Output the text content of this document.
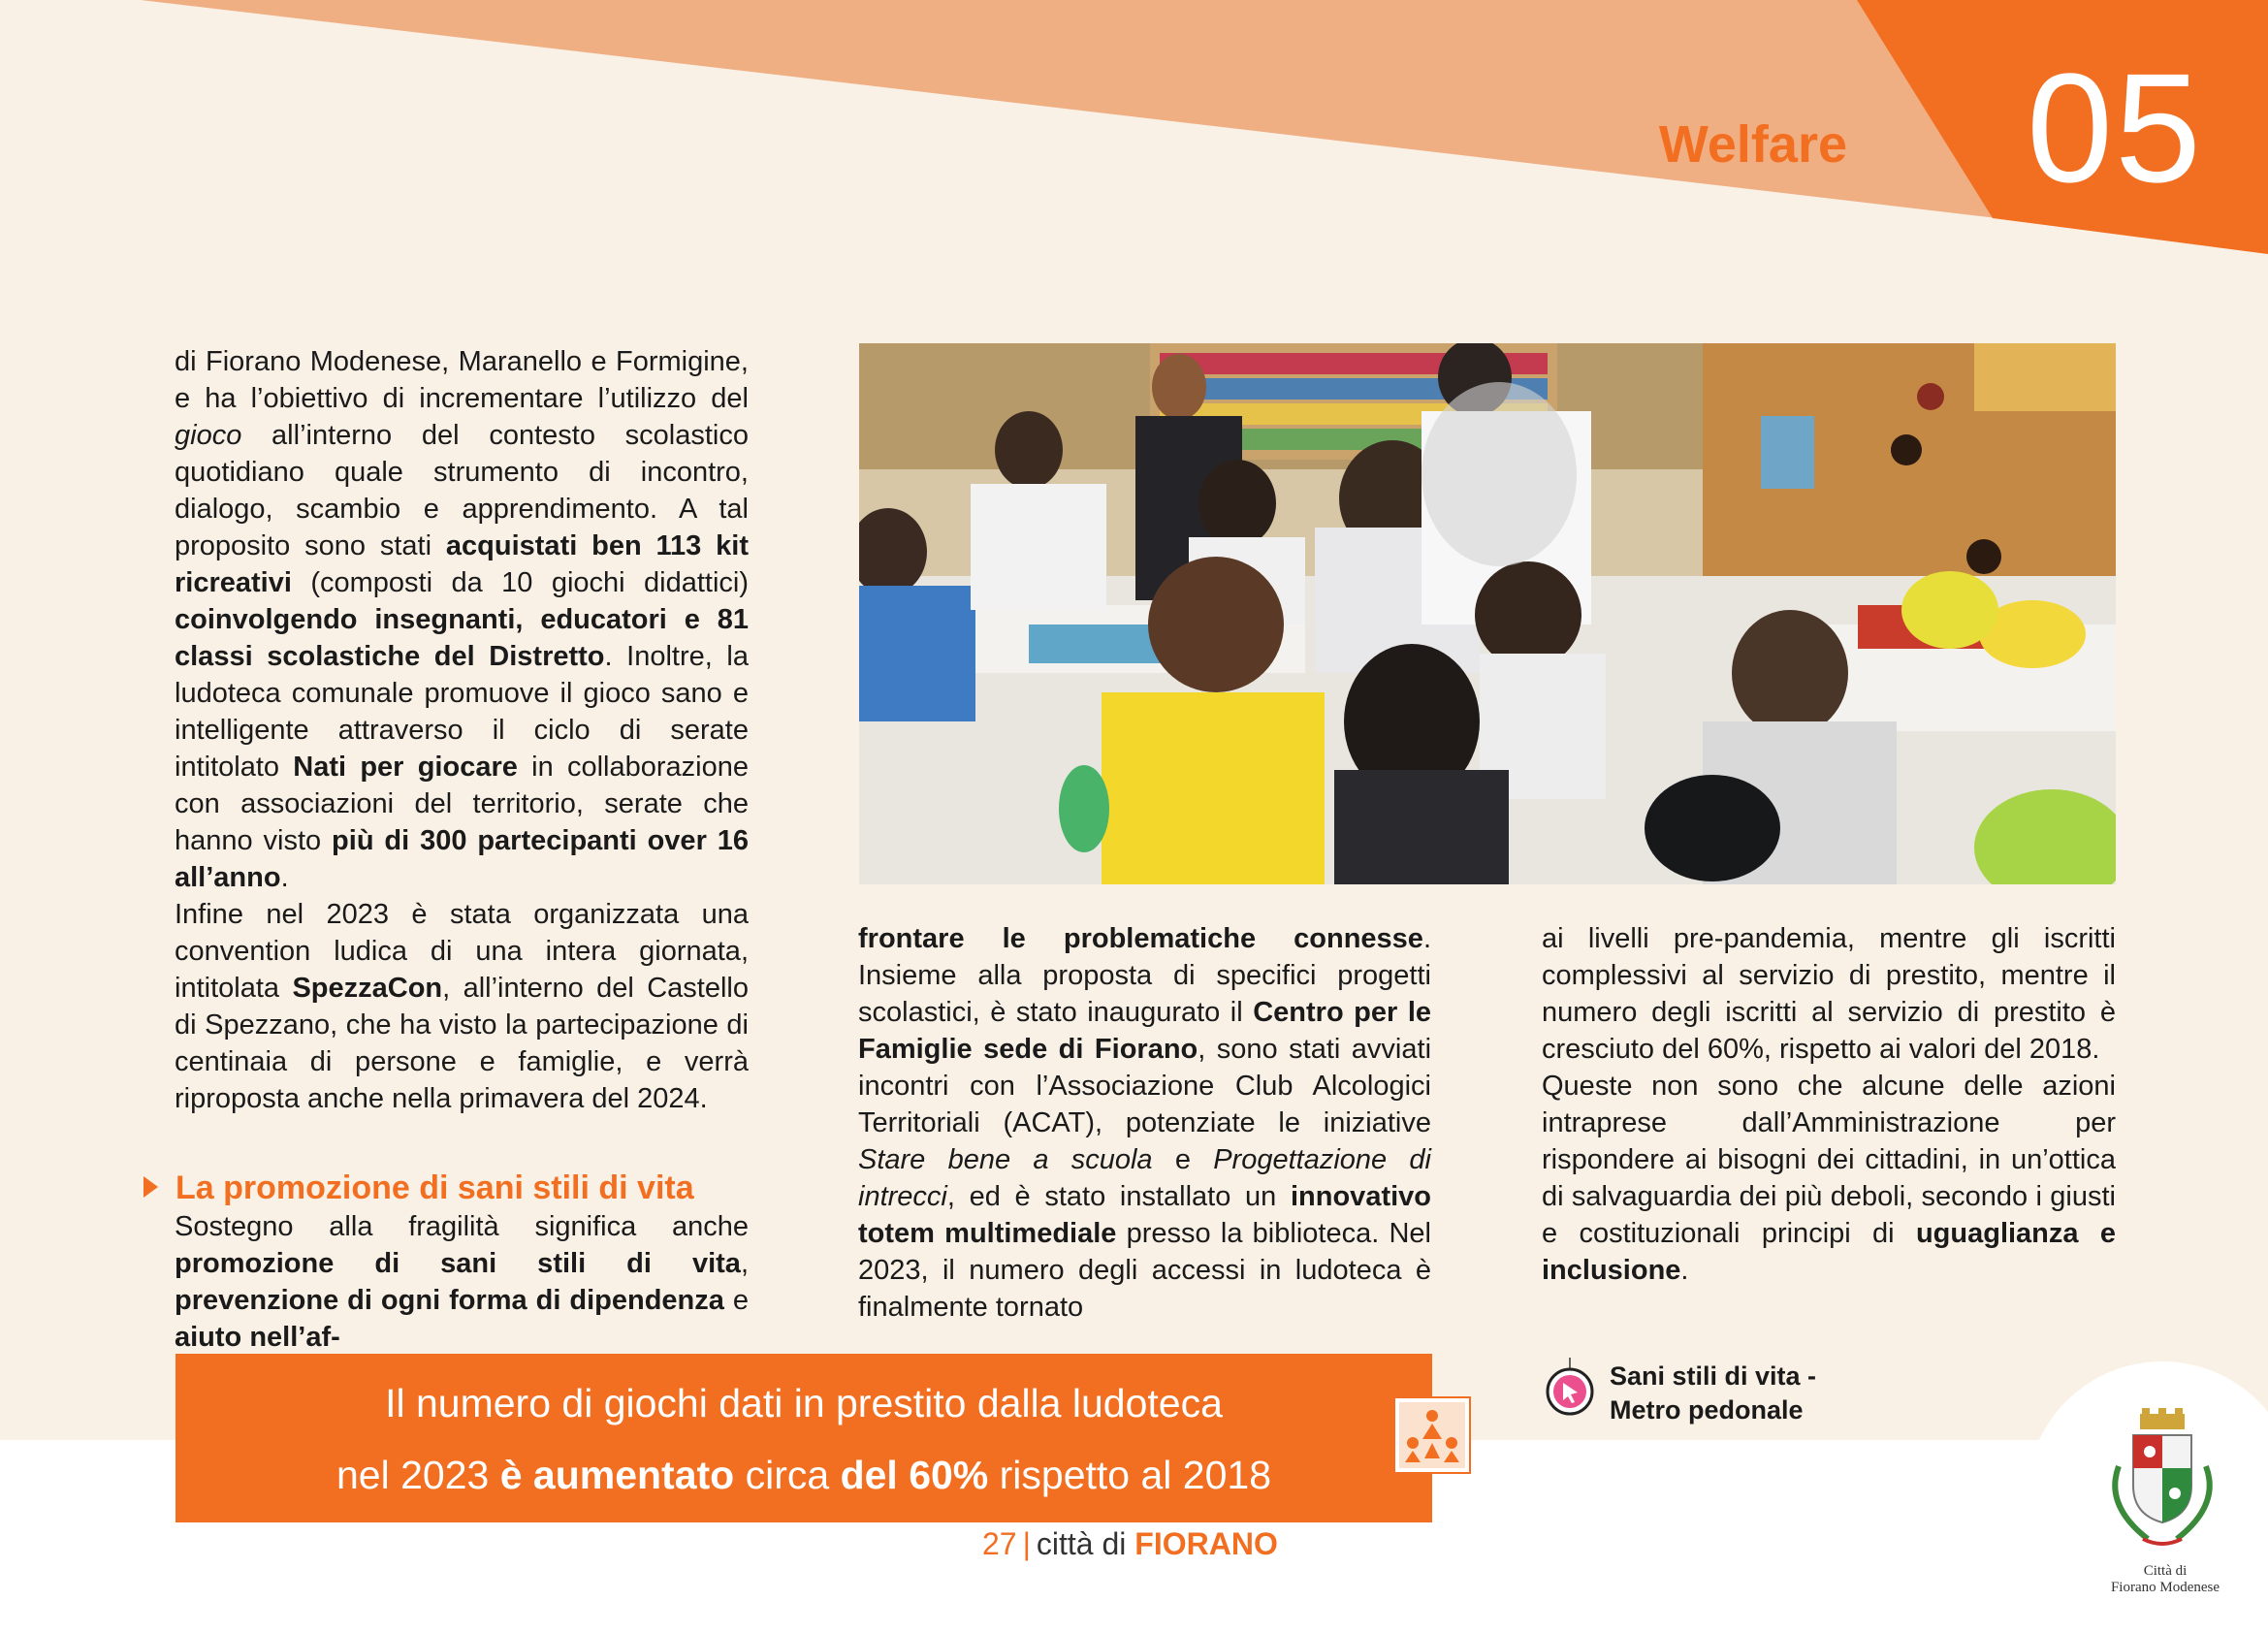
Welfare 05

di Fiorano Modenese, Maranello e Formigine, e ha l’obiettivo di incrementare l’utilizzo del gioco all’interno del contesto scolastico quotidiano quale strumento di incontro, dialogo, scambio e apprendimento. A tal proposito sono stati acquistati ben 113 kit ricreativi (composti da 10 giochi didattici) coinvolgendo insegnanti, educatori e 81 classi scolastiche del Distretto. Inoltre, la ludoteca comunale promuove il gioco sano e intelligente attraverso il ciclo di serate intitolato Nati per giocare in collaborazione con associazioni del territorio, serate che hanno visto più di 300 partecipanti over 16 all’anno.

Infine nel 2023 è stata organizzata una convention ludica di una intera giornata, intitolata SpezzaCon, all’interno del Castello di Spezzano, che ha visto la partecipazione di centinaia di persone e famiglie, e verrà riproposta anche nella primavera del 2024.

La promozione di sani stili di vita

Sostegno alla fragilità significa anche promozione di sani stili di vita, prevenzione di ogni forma di dipendenza e aiuto nell’af-

frontare le problematiche connesse. Insieme alla proposta di specifici progetti scolastici, è stato inaugurato il Centro per le Famiglie sede di Fiorano, sono stati avviati incontri con l’Associazione Club Alcologici Territoriali (ACAT), potenziate le iniziative Stare bene a scuola e Progettazione di intrecci, ed è stato installato un innovativo totem multimediale presso la biblioteca. Nel 2023, il numero degli accessi in ludoteca è finalmente tornato

ai livelli pre-pandemia, mentre gli iscritti complessivi al servizio di prestito, mentre il numero degli iscritti al servizio di prestito è cresciuto del 60%, rispetto ai valori del 2018.

Queste non sono che alcune delle azioni intraprese dall’Amministrazione per rispondere ai bisogni dei cittadini, in un’ottica di salvaguardia dei più deboli, secondo i giusti e costituzionali principi di uguaglianza e inclusione.

Sani stili di vita -
Metro pedonale
Il numero di giochi dati in prestito dalla ludoteca
nel 2023 è aumentato circa del 60% rispetto al 2018
27 | città di FIORANO
Città di
Fiorano Modenese
